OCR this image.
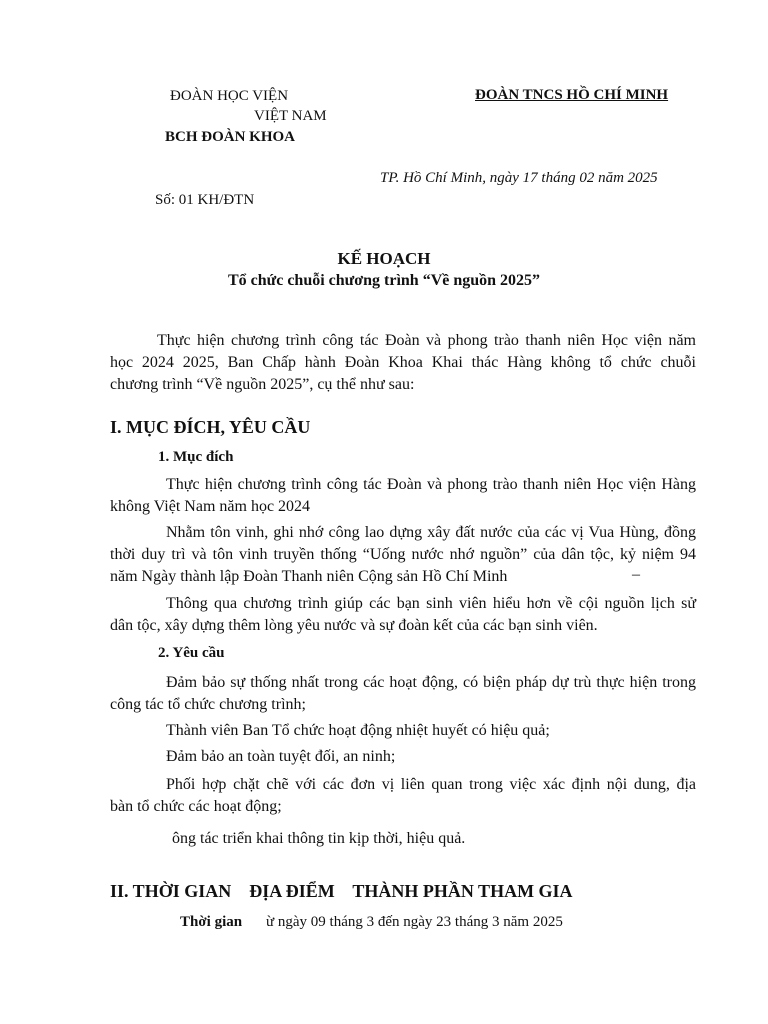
ĐOÀN HỌC VIỆN
VIỆT NAM
BCH ĐOÀN KHOA
ĐOÀN TNCS HỒ CHÍ MINH
TP. Hồ Chí Minh, ngày 17 tháng 02 năm 2025
Số: 01 KH/ĐTN
KẾ HOẠCH
Tổ chức chuỗi chương trình “Về nguồn 2025”
Thực hiện chương trình công tác Đoàn và phong trào thanh niên Học viện năm
học 2024 2025, Ban Chấp hành Đoàn Khoa Khai thác Hàng không tổ chức chuỗi
chương trình “Về nguồn 2025”, cụ thể như sau:
I. MỤC ĐÍCH, YÊU CẦU
1. Mục đích
Thực hiện chương trình công tác Đoàn và phong trào thanh niên Học viện Hàng
không Việt Nam năm học 2024
Nhằm tôn vinh, ghi nhớ công lao dựng xây đất nước của các vị Vua Hùng, đồng
thời duy trì và tôn vinh truyền thống “Uống nước nhớ nguồn” của dân tộc, kỷ niệm 94
năm Ngày thành lập Đoàn Thanh niên Cộng sản Hồ Chí Minh	–
Thông qua chương trình giúp các bạn sinh viên hiểu hơn về cội nguồn lịch sử
dân tộc, xây dựng thêm lòng yêu nước và sự đoàn kết của các bạn sinh viên.
2. Yêu cầu
Đảm bảo sự thống nhất trong các hoạt động, có biện pháp dự trù thực hiện trong
công tác tổ chức chương trình;
Thành viên Ban Tổ chức hoạt động nhiệt huyết có hiệu quả;
Đảm bảo an toàn tuyệt đối, an ninh;
Phối hợp chặt chẽ với các đơn vị liên quan trong việc xác định nội dung, địa
bàn tổ chức các hoạt động;
ông tác triển khai thông tin kịp thời, hiệu quả.
II. THỜI GIAN    ĐỊA ĐIỂM    THÀNH PHẦN THAM GIA
Thời gian ừ ngày 09 tháng 3 đến ngày 23 tháng 3 năm 2025
